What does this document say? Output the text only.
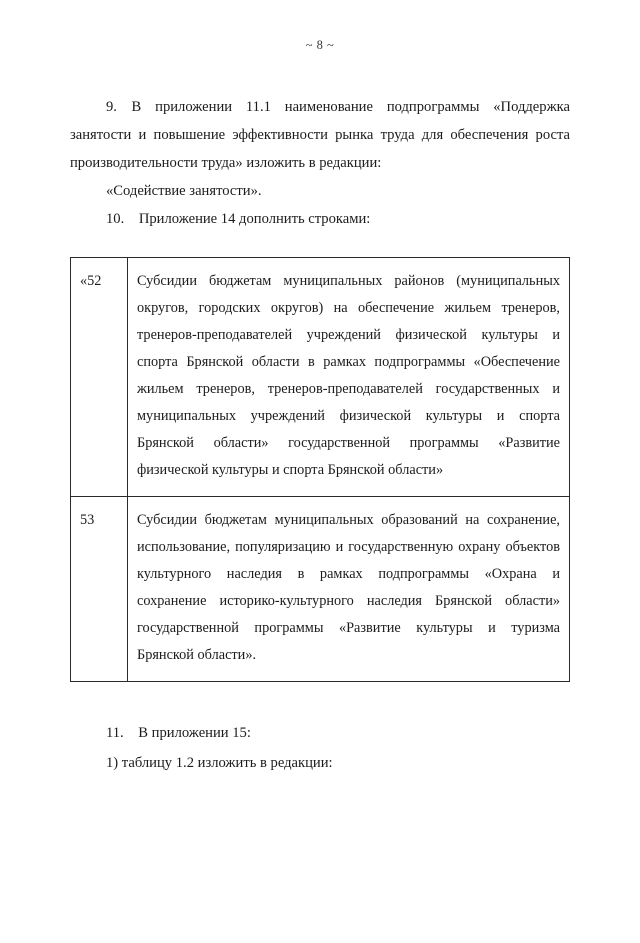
~ 8 ~

9. В приложении 11.1 наименование подпрограммы «Поддержка занятости и повышение эффективности рынка труда для обеспечения роста производительности труда» изложить в редакции:

«Содействие занятости».

10. Приложение 14 дополнить строками:

«52	Субсидии бюджетам муниципальных районов (муниципальных округов, городских округов) на обеспечение жильем тренеров, тренеров-преподавателей учреждений физической культуры и спорта Брянской области в рамках подпрограммы «Обеспечение жильем тренеров, тренеров-преподавателей государственных и муниципальных учреждений физической культуры и спорта Брянской области» государственной программы «Развитие физической культуры и спорта Брянской области»
53	Субсидии бюджетам муниципальных образований на сохранение, использование, популяризацию и государственную охрану объектов культурного наследия в рамках подпрограммы «Охрана и сохранение историко-культурного наследия Брянской области» государственной программы «Развитие культуры и туризма Брянской области».

11. В приложении 15:

1) таблицу 1.2 изложить в редакции:
